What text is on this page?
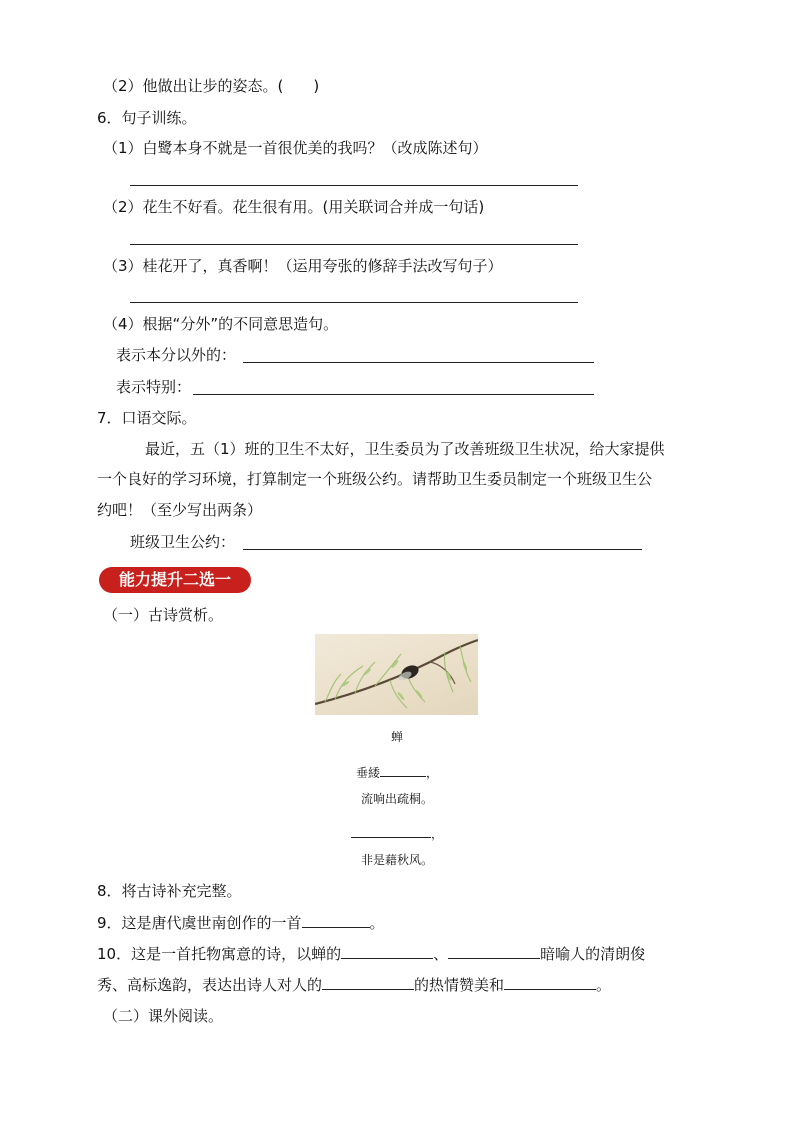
（2）他做出让步的姿态。(　　)
6．句子训练。
（1）白鹭本身不就是一首很优美的我吗？（改成陈述句）
（2）花生不好看。花生很有用。(用关联词合并成一句话)
（3）桂花开了，真香啊！（运用夸张的修辞手法改写句子）
（4）根据“分外”的不同意思造句。
表示本分以外的：
表示特别：
7．口语交际。
最近，五（1）班的卫生不太好，卫生委员为了改善班级卫生状况，给大家提供
一个良好的学习环境，打算制定一个班级公约。请帮助卫生委员制定一个班级卫生公
约吧！（至少写出两条）
班级卫生公约：
能力提升二选一
（一）古诗赏析。
蝉
垂緌	，
流响出疏桐。
，
非是藉秋风。
8．将古诗补充完整。
9．这是唐代虞世南创作的一首	。
10．这是一首托物寓意的诗，以蝉的	、	暗喻人的清朗俊
秀、高标逸韵，表达出诗人对人的	的热情赞美和	。
（二）课外阅读。
